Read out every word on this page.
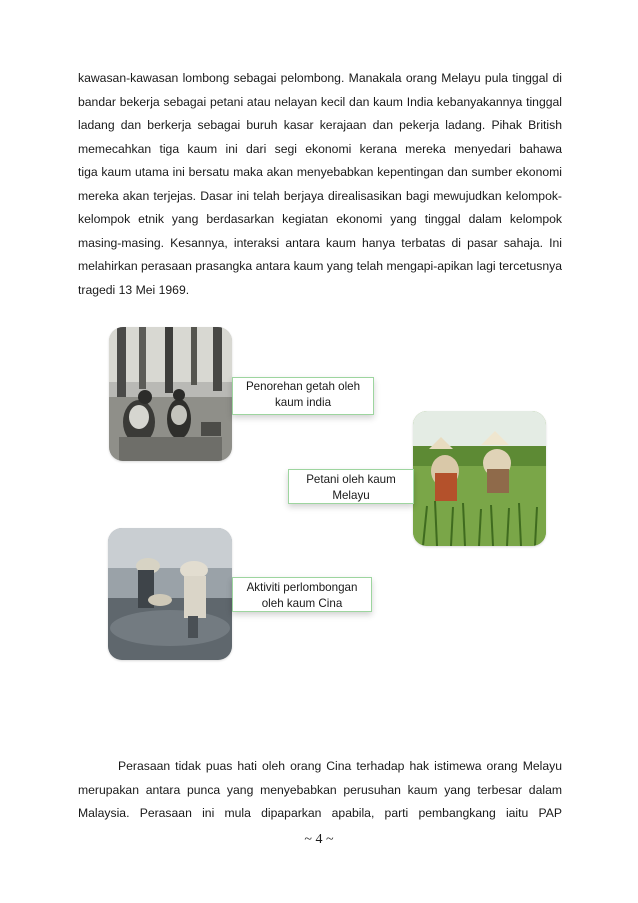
kawasan-kawasan lombong sebagai pelombong. Manakala orang Melayu pula tinggal di
bandar bekerja sebagai petani atau nelayan kecil dan kaum India kebanyakannya tinggal
ladang dan berkerja sebagai buruh kasar kerajaan dan pekerja ladang. Pihak British
memecahkan tiga kaum ini dari segi ekonomi kerana mereka menyedari bahawa
tiga kaum utama ini bersatu maka akan menyebabkan kepentingan dan sumber ekonomi
mereka akan terjejas. Dasar ini telah berjaya direalisasikan bagi mewujudkan kelompok-
kelompok etnik yang berdasarkan kegiatan ekonomi yang tinggal dalam kelompok
masing-masing. Kesannya, interaksi antara kaum hanya terbatas di pasar sahaja. Ini
melahirkan perasaan prasangka antara kaum yang telah mengapi-apikan lagi tercetusnya
tragedi 13 Mei 1969.
Penorehan getah oleh kaum india
Petani oleh kaum Melayu
Aktiviti perlombongan oleh kaum Cina
Perasaan tidak puas hati oleh orang Cina terhadap hak istimewa orang Melayu
merupakan antara punca yang menyebabkan perusuhan kaum yang terbesar dalam
Malaysia. Perasaan ini mula dipaparkan apabila, parti pembangkang iaitu PAP
~ 4 ~
